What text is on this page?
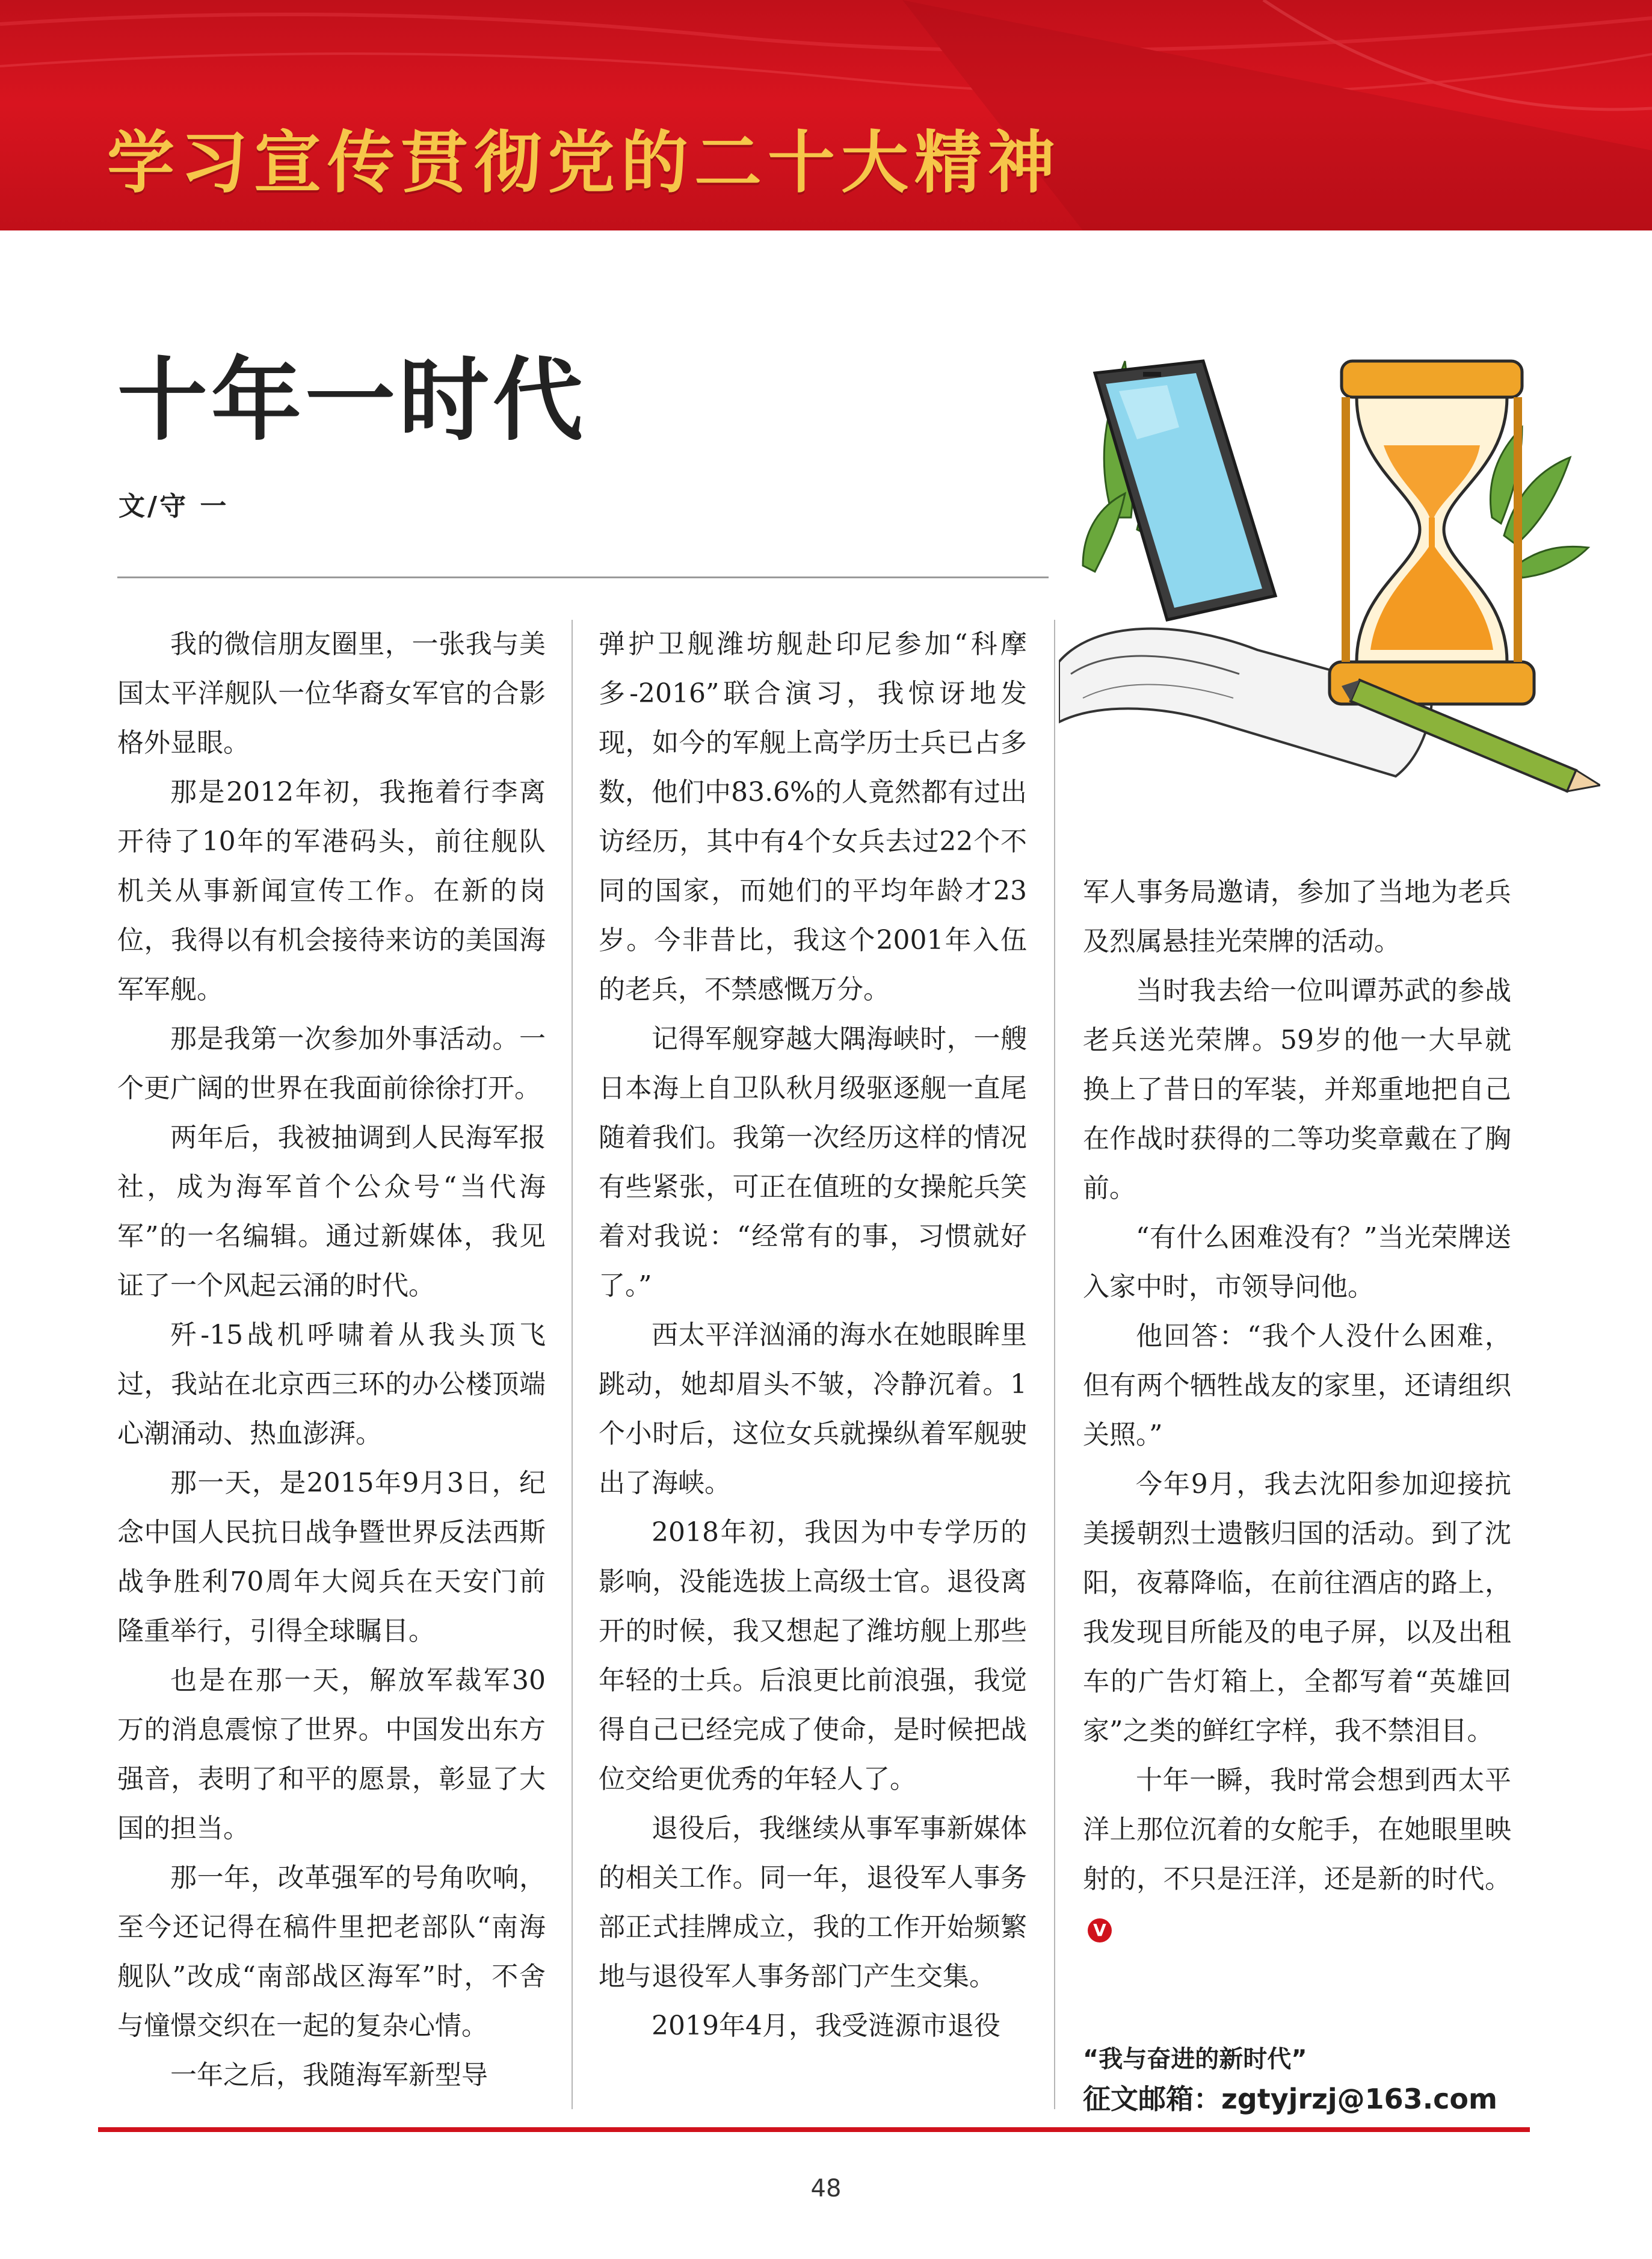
学习宣传贯彻党的二十大精神
十年一时代
文/守 一

我的微信朋友圈里，一张我与美国太平洋舰队一位华裔女军官的合影格外显眼。

那是2012年初，我拖着行李离开待了10年的军港码头，前往舰队机关从事新闻宣传工作。在新的岗位，我得以有机会接待来访的美国海军军舰。

那是我第一次参加外事活动。一个更广阔的世界在我面前徐徐打开。

两年后，我被抽调到人民海军报社，成为海军首个公众号“当代海军”的一名编辑。通过新媒体，我见证了一个风起云涌的时代。

歼-15战机呼啸着从我头顶飞过，我站在北京西三环的办公楼顶端心潮涌动、热血澎湃。

那一天，是2015年9月3日，纪念中国人民抗日战争暨世界反法西斯战争胜利70周年大阅兵在天安门前隆重举行，引得全球瞩目。

也是在那一天，解放军裁军30万的消息震惊了世界。中国发出东方强音，表明了和平的愿景，彰显了大国的担当。

那一年，改革强军的号角吹响，至今还记得在稿件里把老部队“南海舰队”改成“南部战区海军”时，不舍与憧憬交织在一起的复杂心情。

一年之后，我随海军新型导

弹护卫舰潍坊舰赴印尼参加“科摩多-2016”联合演习，我惊讶地发现，如今的军舰上高学历士兵已占多数，他们中83.6%的人竟然都有过出访经历，其中有4个女兵去过22个不同的国家，而她们的平均年龄才23岁。今非昔比，我这个2001年入伍的老兵，不禁感慨万分。

记得军舰穿越大隅海峡时，一艘日本海上自卫队秋月级驱逐舰一直尾随着我们。我第一次经历这样的情况有些紧张，可正在值班的女操舵兵笑着对我说：“经常有的事，习惯就好了。”

西太平洋汹涌的海水在她眼眸里跳动，她却眉头不皱，冷静沉着。1个小时后，这位女兵就操纵着军舰驶出了海峡。

2018年初，我因为中专学历的影响，没能选拔上高级士官。退役离开的时候，我又想起了潍坊舰上那些年轻的士兵。后浪更比前浪强，我觉得自己已经完成了使命，是时候把战位交给更优秀的年轻人了。

退役后，我继续从事军事新媒体的相关工作。同一年，退役军人事务部正式挂牌成立，我的工作开始频繁地与退役军人事务部门产生交集。

2019年4月，我受涟源市退役

军人事务局邀请，参加了当地为老兵及烈属悬挂光荣牌的活动。

当时我去给一位叫谭苏武的参战老兵送光荣牌。59岁的他一大早就换上了昔日的军装，并郑重地把自己在作战时获得的二等功奖章戴在了胸前。

“有什么困难没有？”当光荣牌送入家中时，市领导问他。

他回答：“我个人没什么困难，但有两个牺牲战友的家里，还请组织关照。”

今年9月，我去沈阳参加迎接抗美援朝烈士遗骸归国的活动。到了沈阳，夜幕降临，在前往酒店的路上，我发现目所能及的电子屏，以及出租车的广告灯箱上，全都写着“英雄回家”之类的鲜红字样，我不禁泪目。

十年一瞬，我时常会想到西太平洋上那位沉着的女舵手，在她眼里映射的，不只是汪洋，还是新的时代。V

“我与奋进的新时代”
征文邮箱：zgtyjrzj@163.com
48
